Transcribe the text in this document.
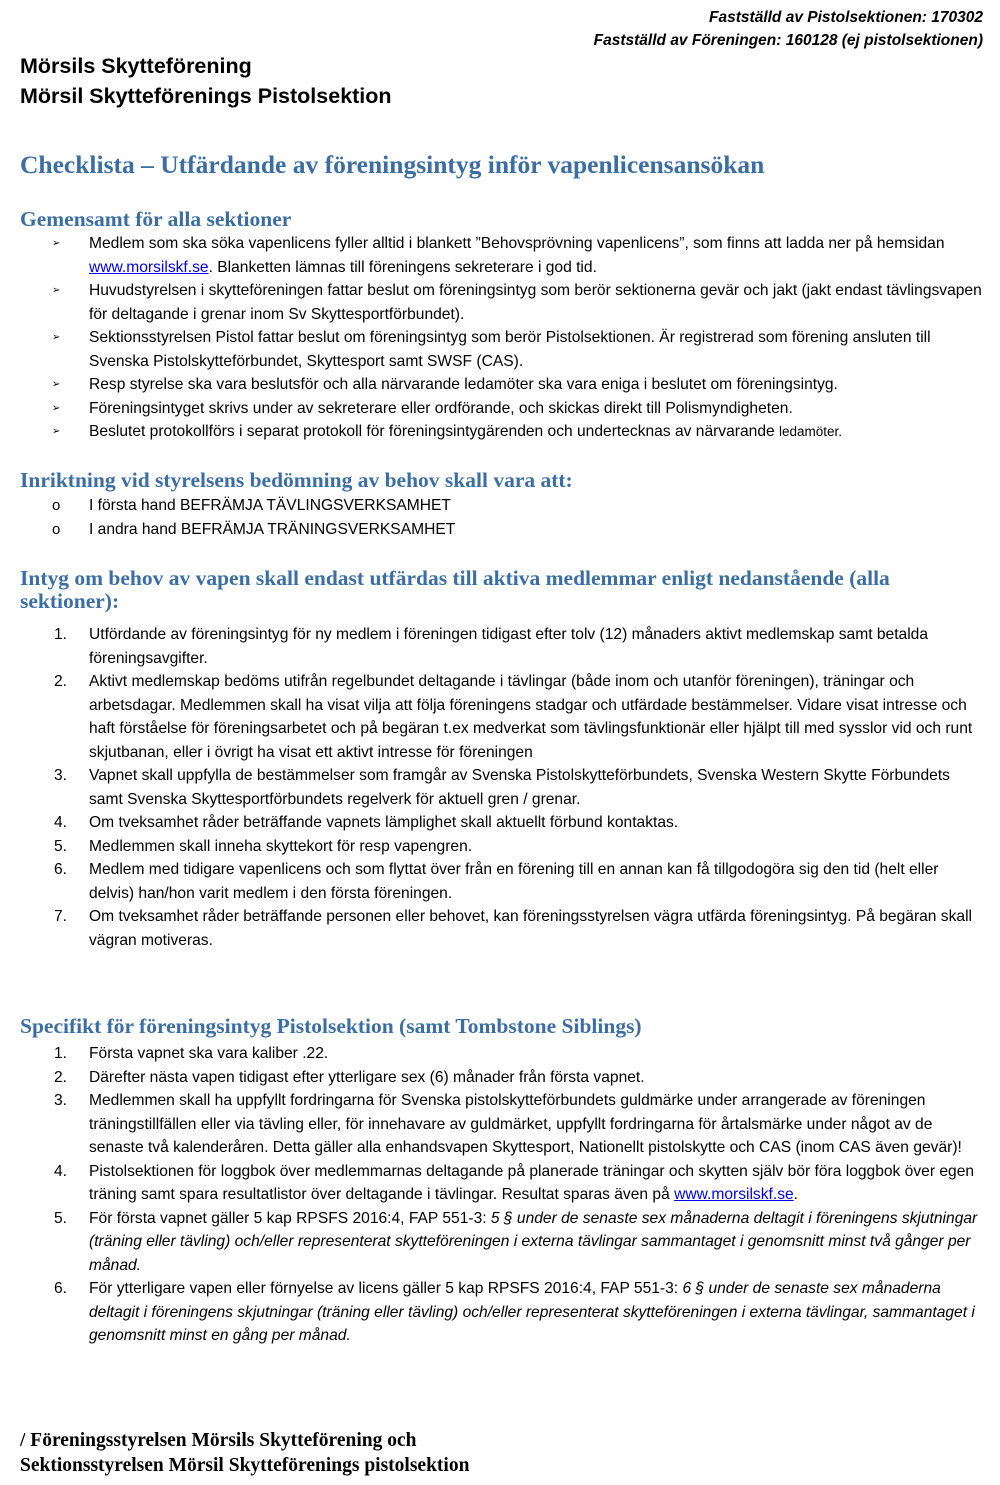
Fastställd av Pistolsektionen: 170302
Fastställd av Föreningen: 160128 (ej pistolsektionen)
Mörsils Skytteförening
Mörsil Skytteförenings Pistolsektion
Checklista – Utfärdande av föreningsintyg inför vapenlicensansökan
Gemensamt för alla sektioner
➢ Medlem som ska söka vapenlicens fyller alltid i blankett ”Behovsprövning vapenlicens”, som finns att ladda ner på hemsidan www.morsilskf.se. Blanketten lämnas till föreningens sekreterare i god tid.
➢ Huvudstyrelsen i skytteföreningen fattar beslut om föreningsintyg som berör sektionerna gevär och jakt (jakt endast tävlingsvapen för deltagande i grenar inom Sv Skyttesportförbundet).
➢ Sektionsstyrelsen Pistol fattar beslut om föreningsintyg som berör Pistolsektionen. Är registrerad som förening ansluten till Svenska Pistolskytteförbundet, Skyttesport samt SWSF (CAS).
➢ Resp styrelse ska vara beslutsför och alla närvarande ledamöter ska vara eniga i beslutet om föreningsintyg.
➢ Föreningsintyget skrivs under av sekreterare eller ordförande, och skickas direkt till Polismyndigheten.
➢ Beslutet protokollförs i separat protokoll för föreningsintygärenden och undertecknas av närvarande ledamöter.
Inriktning vid styrelsens bedömning av behov skall vara att:
o I första hand BEFRÄMJA TÄVLINGSVERKSAMHET
o I andra hand BEFRÄMJA TRÄNINGSVERKSAMHET
Intyg om behov av vapen skall endast utfärdas till aktiva medlemmar enligt nedanstående (alla sektioner):
1. Utfördande av föreningsintyg för ny medlem i föreningen tidigast efter tolv (12) månaders aktivt medlemskap samt betalda föreningsavgifter.
2. Aktivt medlemskap bedöms utifrån regelbundet deltagande i tävlingar (både inom och utanför föreningen), träningar och arbetsdagar. Medlemmen skall ha visat vilja att följa föreningens stadgar och utfärdade bestämmelser. Vidare visat intresse och haft förståelse för föreningsarbetet och på begäran t.ex medverkat som tävlingsfunktionär eller hjälpt till med sysslor vid och runt skjutbanan, eller i övrigt ha visat ett aktivt intresse för föreningen
3. Vapnet skall uppfylla de bestämmelser som framgår av Svenska Pistolskytteförbundets, Svenska Western Skytte Förbundets samt Svenska Skyttesportförbundets regelverk för aktuell gren / grenar.
4. Om tveksamhet råder beträffande vapnets lämplighet skall aktuellt förbund kontaktas.
5. Medlemmen skall inneha skyttekort för resp vapengren.
6. Medlem med tidigare vapenlicens och som flyttat över från en förening till en annan kan få tillgodogöra sig den tid (helt eller delvis) han/hon varit medlem i den första föreningen.
7. Om tveksamhet råder beträffande personen eller behovet, kan föreningsstyrelsen vägra utfärda föreningsintyg. På begäran skall vägran motiveras.
Specifikt för föreningsintyg Pistolsektion (samt Tombstone Siblings)
1. Första vapnet ska vara kaliber .22.
2. Därefter nästa vapen tidigast efter ytterligare sex (6) månader från första vapnet.
3. Medlemmen skall ha uppfyllt fordringarna för Svenska pistolskytteförbundets guldmärke under arrangerade av föreningen träningstillfällen eller via tävling eller, för innehavare av guldmärket, uppfyllt fordringarna för årtalsmärke under något av de senaste två kalenderåren. Detta gäller alla enhandsvapen Skyttesport, Nationellt pistolskytte och CAS (inom CAS även gevär)!
4. Pistolsektionen för loggbok över medlemmarnas deltagande på planerade träningar och skytten själv bör föra loggbok över egen träning samt spara resultatlistor över deltagande i tävlingar. Resultat sparas även på www.morsilskf.se.
5. För första vapnet gäller 5 kap RPSFS 2016:4, FAP 551-3: 5 § under de senaste sex månaderna deltagit i föreningens skjutningar (träning eller tävling) och/eller representerat skytteföreningen i externa tävlingar sammantaget i genomsnitt minst två gånger per månad.
6. För ytterligare vapen eller förnyelse av licens gäller 5 kap RPSFS 2016:4, FAP 551-3: 6 § under de senaste sex månaderna deltagit i föreningens skjutningar (träning eller tävling) och/eller representerat skytteföreningen i externa tävlingar, sammantaget i genomsnitt minst en gång per månad.
/ Föreningsstyrelsen Mörsils Skytteförening och
Sektionsstyrelsen Mörsil Skytteförenings pistolsektion
